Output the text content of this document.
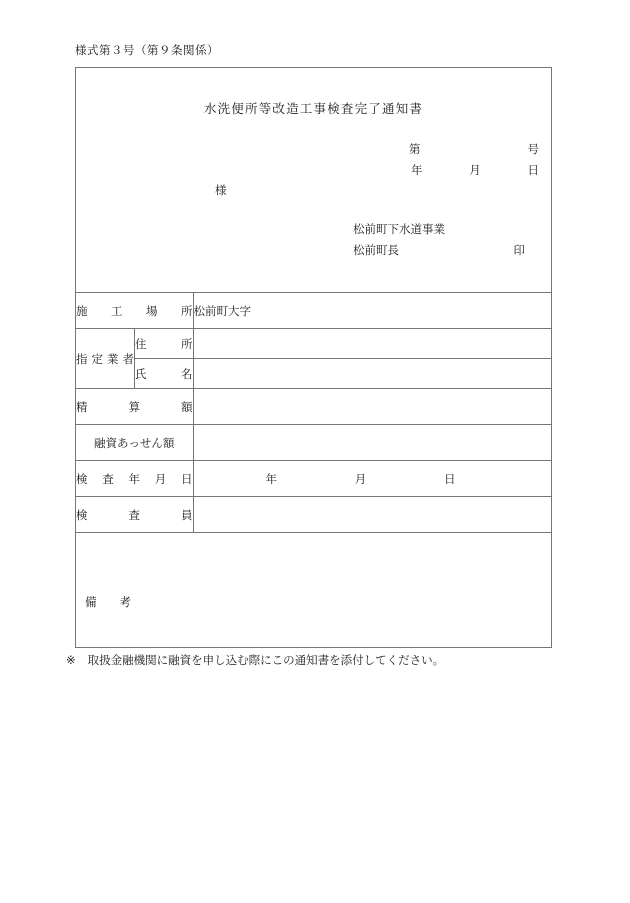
様式第３号（第９条関係）
水洗便所等改造工事検査完了通知書
第	号
年	月	日
様
松前町下水道事業
松前町長	印
施 工 場 所		松前町大字

指 定 業 者	住 所	

	氏 名	

精 算 額		

融資あっせん額		

検 査 年 月 日		年 月 日

検 査 員		

備 考		
※ 取扱金融機関に融資を申し込む際にこの通知書を添付してください。
